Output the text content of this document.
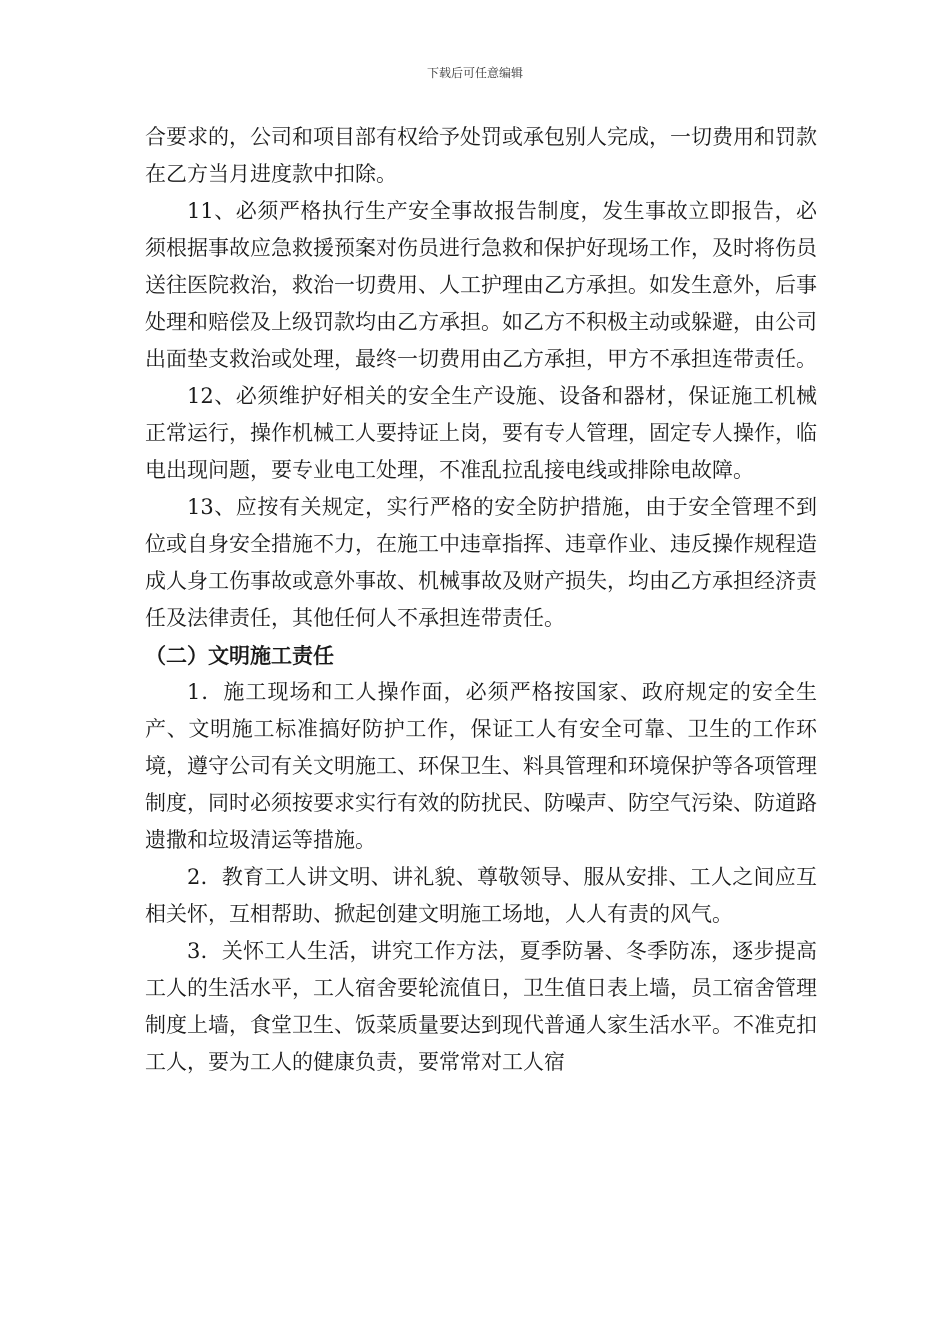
下载后可任意编辑

合要求的，公司和项目部有权给予处罚或承包别人完成，一切费用和罚款在乙方当月进度款中扣除。

11、必须严格执行生产安全事故报告制度，发生事故立即报告，必须根据事故应急救援预案对伤员进行急救和保护好现场工作，及时将伤员送往医院救治，救治一切费用、人工护理由乙方承担。如发生意外，后事处理和赔偿及上级罚款均由乙方承担。如乙方不积极主动或躲避，由公司出面垫支救治或处理，最终一切费用由乙方承担，甲方不承担连带责任。

12、必须维护好相关的安全生产设施、设备和器材，保证施工机械正常运行，操作机械工人要持证上岗，要有专人管理，固定专人操作，临电出现问题，要专业电工处理，不准乱拉乱接电线或排除电故障。

13、应按有关规定，实行严格的安全防护措施，由于安全管理不到位或自身安全措施不力，在施工中违章指挥、违章作业、违反操作规程造成人身工伤事故或意外事故、机械事故及财产损失，均由乙方承担经济责任及法律责任，其他任何人不承担连带责任。

（二）文明施工责任

1．施工现场和工人操作面，必须严格按国家、政府规定的安全生产、文明施工标准搞好防护工作，保证工人有安全可靠、卫生的工作环境，遵守公司有关文明施工、环保卫生、料具管理和环境保护等各项管理制度，同时必须按要求实行有效的防扰民、防噪声、防空气污染、防道路遗撒和垃圾清运等措施。

2．教育工人讲文明、讲礼貌、尊敬领导、服从安排、工人之间应互相关怀，互相帮助、掀起创建文明施工场地，人人有责的风气。

3．关怀工人生活，讲究工作方法，夏季防暑、冬季防冻，逐步提高工人的生活水平，工人宿舍要轮流值日，卫生值日表上墙，员工宿舍管理制度上墙，食堂卫生、饭菜质量要达到现代普通人家生活水平。不准克扣工人，要为工人的健康负责，要常常对工人宿
